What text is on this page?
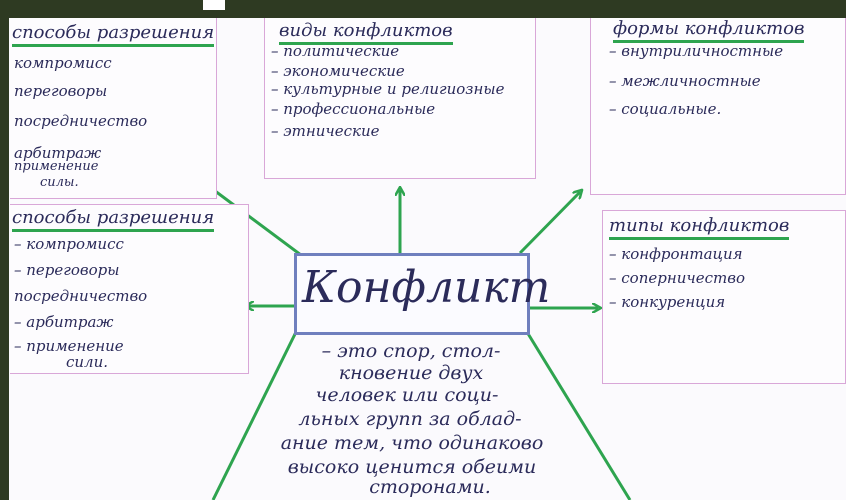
способы разрешения
компромисс
переговоры
посредничество
арбитраж
применение
силы.
виды конфликтов
– политические
– экономические
– культурные и религиозные
– профессиональные
– этнические
формы конфликтов
– внутриличностные
– межличностные
– социальные.
способы разрешения
– компромисс
– переговоры
посредничество
– арбитраж
– применение
сили.
типы конфликтов
– конфронтация
– соперничество
– конкуренция
Конфликт
– это спор, стол-
кновение двух
человек или соци-
льных групп за облад-
ание тем, что одинаково
высоко ценится обеими
сторонами.
